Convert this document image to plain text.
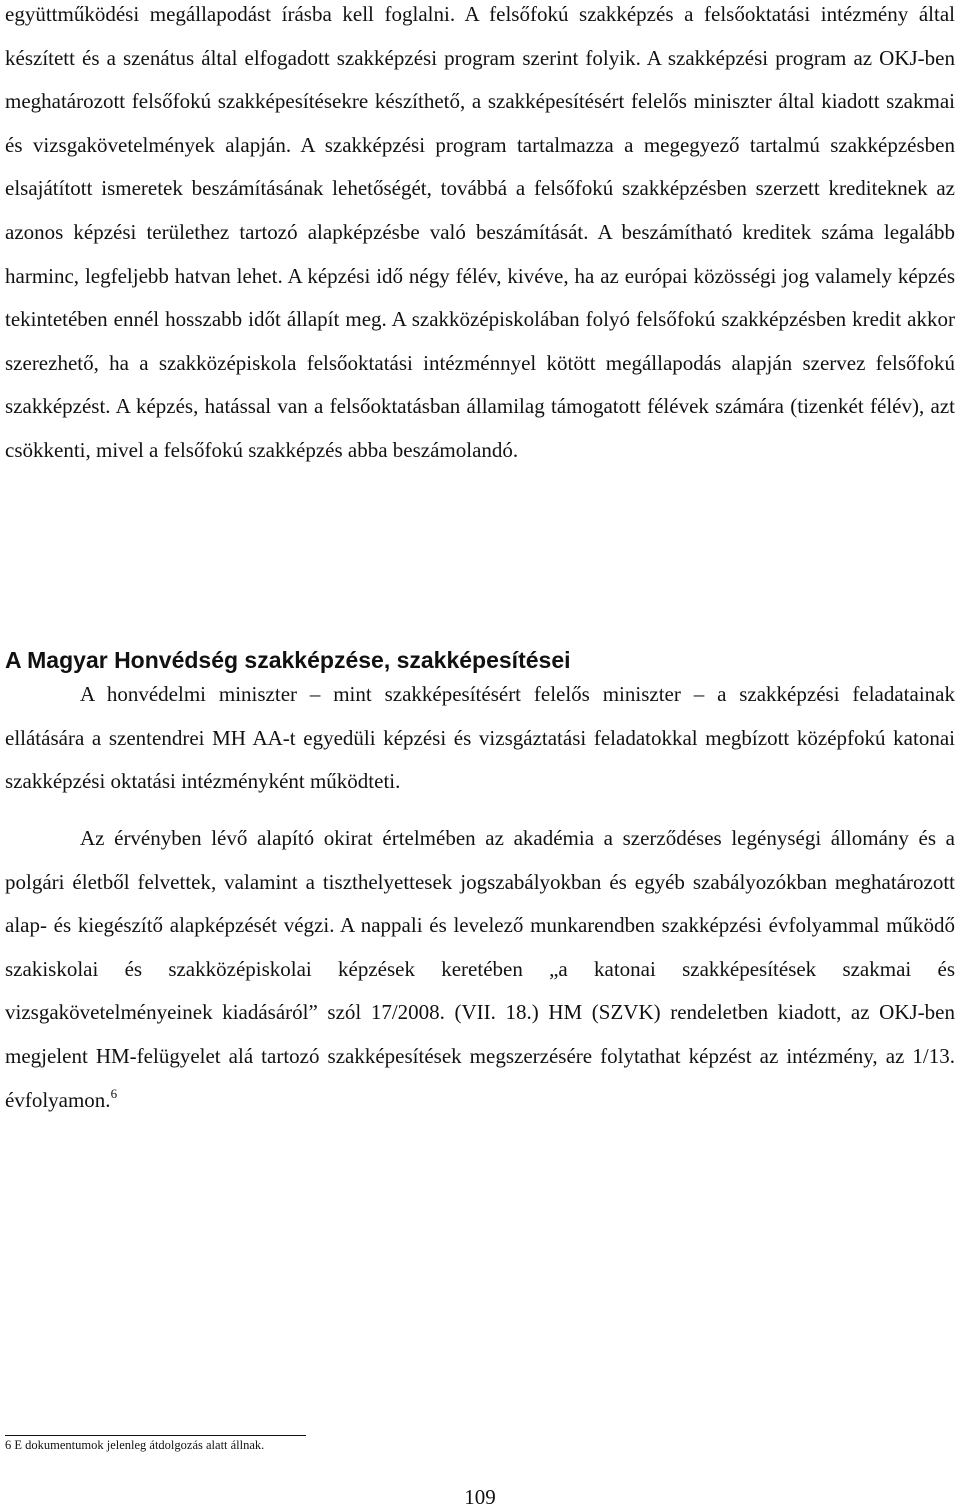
együttműködési megállapodást írásba kell foglalni. A felsőfokú szakképzés a felsőoktatási intézmény által készített és a szenátus által elfogadott szakképzési program szerint folyik. A szakképzési program az OKJ-ben meghatározott felsőfokú szakképesítésekre készíthető, a szakképesítésért felelős miniszter által kiadott szakmai és vizsgakövetelmények alapján. A szakképzési program tartalmazza a megegyező tartalmú szakképzésben elsajátított ismeretek beszámításának lehetőségét, továbbá a felsőfokú szakképzésben szerzett krediteknek az azonos képzési területhez tartozó alapképzésbe való beszámítását. A beszámítható kreditek száma legalább harminc, legfeljebb hatvan lehet. A képzési idő négy félév, kivéve, ha az európai közösségi jog valamely képzés tekintetében ennél hosszabb időt állapít meg. A szakközépiskolában folyó felsőfokú szakképzésben kredit akkor szerezhető, ha a szakközépiskola felsőoktatási intézménnyel kötött megállapodás alapján szervez felsőfokú szakképzést. A képzés, hatással van a felsőoktatásban államilag támogatott félévek számára (tizenkét félév), azt csökkenti, mivel a felsőfokú szakképzés abba beszámolandó.

A Magyar Honvédség szakképzése, szakképesítései

A honvédelmi miniszter – mint szakképesítésért felelős miniszter – a szakképzési feladatainak ellátására a szentendrei MH AA-t egyedüli képzési és vizsgáztatási feladatokkal megbízott középfokú katonai szakképzési oktatási intézményként működteti.

Az érvényben lévő alapító okirat értelmében az akadémia a szerződéses legénységi állomány és a polgári életből felvettek, valamint a tiszthelyettesek jogszabályokban és egyéb szabályozókban meghatározott alap- és kiegészítő alapképzését végzi. A nappali és levelező munkarendben szakképzési évfolyammal működő szakiskolai és szakközépiskolai képzések keretében „a katonai szakképesítések szakmai és vizsgakövetelményeinek kiadásáról” szól 17/2008. (VII. 18.) HM (SZVK) rendeletben kiadott, az OKJ-ben megjelent HM-felügyelet alá tartozó szakképesítések megszerzésére folytathat képzést az intézmény, az 1/13. évfolyamon.$^6$

6 E dokumentumok jelenleg átdolgozás alatt állnak.

109
